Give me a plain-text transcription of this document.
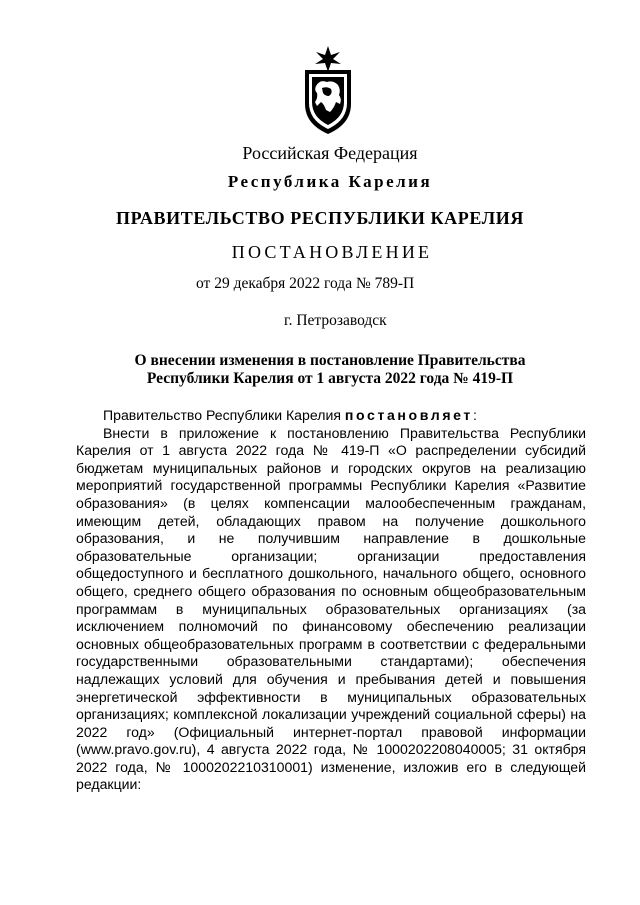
Российская Федерация
Республика Карелия
ПРАВИТЕЛЬСТВО РЕСПУБЛИКИ КАРЕЛИЯ
ПОСТАНОВЛЕНИЕ
от 29 декабря 2022 года № 789-П
г. Петрозаводск
О внесении изменения в постановление Правительства
Республики Карелия от 1 августа 2022 года № 419-П

Правительство Республики Карелия постановляет:

Внести в приложение к постановлению Правительства Республики Карелия от 1 августа 2022 года № 419-П «О распределении субсидий бюджетам муниципальных районов и городских округов на реализацию мероприятий государственной программы Республики Карелия «Развитие образования» (в целях компенсации малообеспеченным гражданам, имеющим детей, обладающих правом на получение дошкольного образования, и не получившим направление в дошкольные образовательные организации; организации предоставления общедоступного и бесплатного дошкольного, начального общего, основного общего, среднего общего образования по основным общеобразовательным программам в муниципальных образовательных организациях (за исключением полномочий по финансовому обеспечению реализации основных общеобразовательных программ в соответствии с федеральными государственными образовательными стандартами); обеспечения надлежащих условий для обучения и пребывания детей и повышения энергетической эффективности в муниципальных образовательных организациях; комплексной локализации учреждений социальной сферы) на 2022 год» (Официальный интернет-портал правовой информации (www.pravo.gov.ru), 4 августа 2022 года, № 1000202208040005; 31 октября 2022 года, № 1000202210310001) изменение, изложив его в следующей редакции:
